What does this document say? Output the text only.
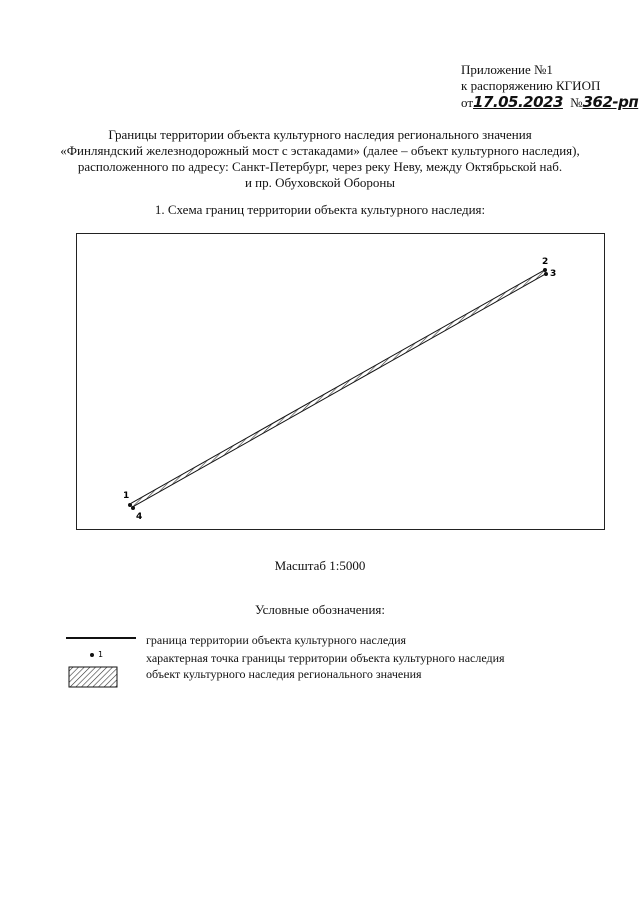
Приложение №1
к распоряжению КГИОП
от17.05.2023 №362-рп
Границы территории объекта культурного наследия регионального значения
«Финляндский железнодорожный мост с эстакадами» (далее – объект культурного наследия),
расположенного по адресу: Санкт-Петербург, через реку Неву, между Октябрьской наб.
и пр. Обуховской Обороны
1. Схема границ территории объекта культурного наследия:
1
2
3
4
Масштаб 1:5000
Условные обозначения:
граница территории объекта культурного наследия
1	характерная точка границы территории объекта культурного наследия
объект культурного наследия регионального значения
